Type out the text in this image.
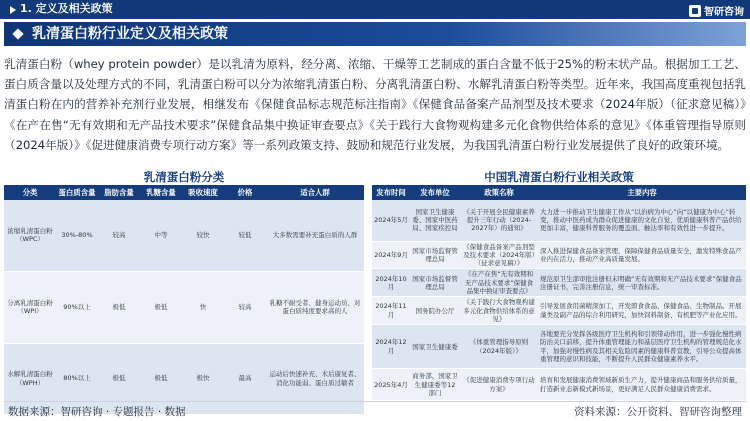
1. 定义及相关政策	智研咨询
乳清蛋白粉行业定义及相关政策
乳清蛋白粉（whey protein powder）是以乳清为原料，经分离、浓缩、干燥等工艺制成的蛋白含量不低于25%的粉末状产品。根据加工工艺、蛋白质含量以及处理方式的不同，乳清蛋白粉可以分为浓缩乳清蛋白粉、分离乳清蛋白粉、水解乳清蛋白粉等类型。近年来，我国高度重视包括乳清蛋白粉在内的营养补充剂行业发展，相继发布《保健食品标志规范标注指南》《保健食品备案产品剂型及技术要求（2024年版）（征求意见稿）》《在产在售“无有效期和无产品技术要求”保健食品集中换证审查要点》《关于践行大食物观构建多元化食物供给体系的意见》《体重管理指导原则（2024年版）》《促进健康消费专项行动方案》等一系列政策支持、鼓励和规范行业发展，为我国乳清蛋白粉行业发展提供了良好的政策环境。
乳清蛋白粉分类	中国乳清蛋白粉行业相关政策
分类	蛋白质含量	脂肪含量	乳糖含量	吸收速度	价格	适合人群
浓缩乳清蛋白粉（WPC）	30%-80%	较高	中等	较快	较低	大多数需要补充蛋白质的人群
分离乳清蛋白粉（WPI）	90%以上	极低	极低	快	较高	乳糖不耐受者、健身运动员、对蛋白质纯度要求高的人
水解乳清蛋白粉（WPH）	80%以上	极低	极低	极快	最高	运动后快速补充、术后康复者、消化功能弱、蛋白质过敏者
发布时间	发布单位	政策名称	主要内容
2024年5月	国家卫生健康委、国家中医药局、国家疾控局	《关于开展全民健康素养提升三年行动（2024-2027年）的通知》	大力进一步推动卫生健康工作从“以治病为中心”向“以健康为中心”转变，推动中医药成为群众促进健康的文化自觉，优质健康科普产品供给更加丰富，健康科普服务的覆盖面、触达率和有效性进一步提升。
2024年9月	国家市场监督管理总局	《保健食品备案产品剂型及技术要求（2024年版）（征求意见稿）》	深入推进保健食品备案管理，保障保健食品质量安全，激发特殊食品产业内在活力，推动产业高质量发展。
2024年10月	国家市场监督管理总局	《在产在售“无有效期和无产品技术要求”保健食品集中换证审查要点》	规范原卫生部审批注册但未明确“无有效期和无产品技术要求”保健食品注册证书，完善注册信息，统一审查标准。
2024年11月	国务院办公厅	《关于践行大食物观构建多元化食物供给体系的意见》	引导发展食用菌精深加工，开发即食食品、保健食品、生物制品。开展藻类及副产品的综合利用研究，加快饲料制备、有机肥等产业化应用。
2024年12月	国家卫生健康委	《体重管理指导原则（2024年版）》	各地要充分发挥各级医疗卫生机构和引领带动作用，进一步强化慢性病防治关口前移，提升体重管理能力和基层医疗卫生机构的管理规范化水平，加强对慢性病及其相关危险因素的健康科普宣教，引导公众提高体重管理的意识和技能，不断提升人民群众健康素养水平。
2025年4月	商务部、国家卫生健康委等12部门	《促进健康消费专项行动方案》	培育和发展健康消费领域新质生产力，提升健康商品和服务供给质量，打造新业态新模式新场景，更好满足人民群众健康消费需求。
数据来源：智研咨询 · 专题报告 · 数据	资料来源：公开资料、智研咨询整理
